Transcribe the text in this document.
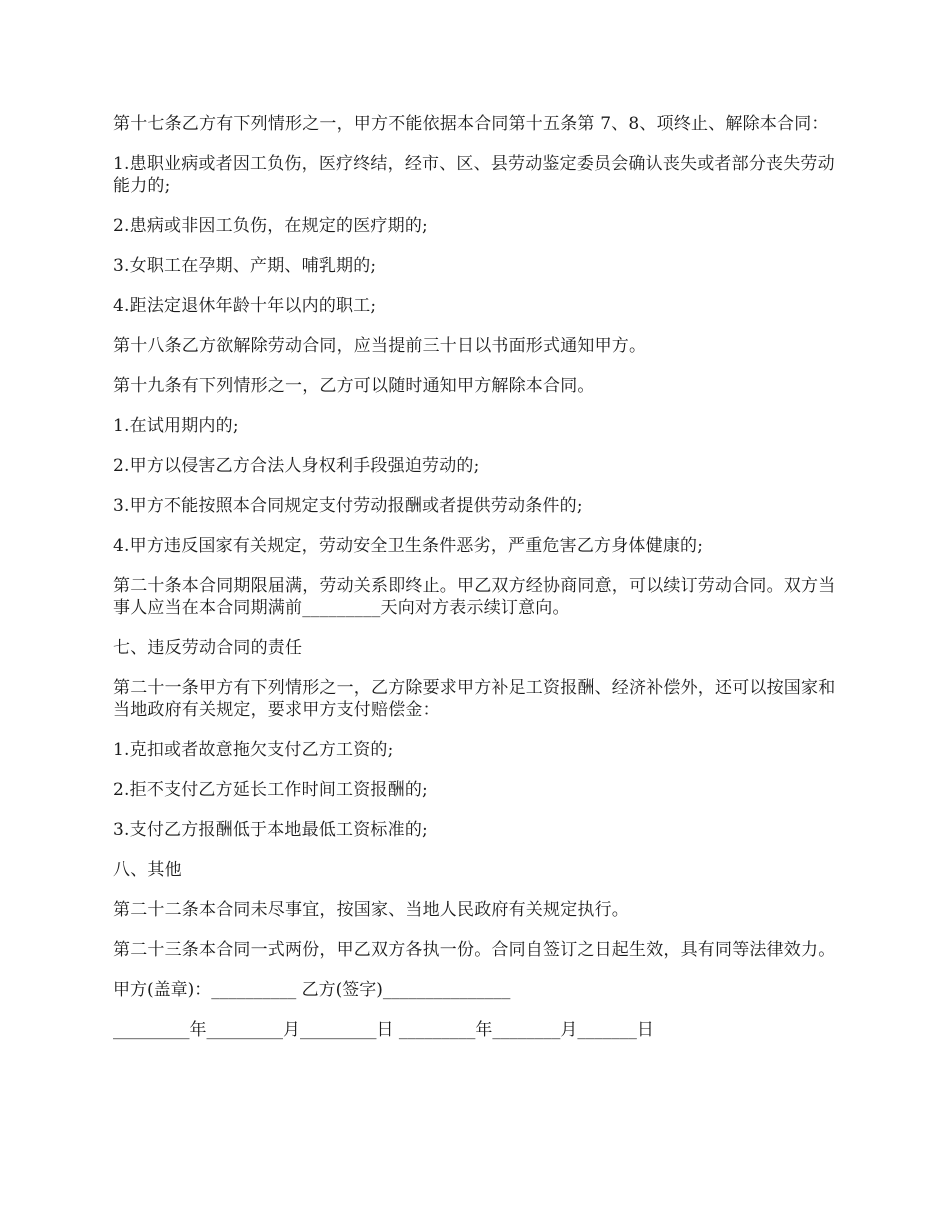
第十七条乙方有下列情形之一，甲方不能依据本合同第十五条第 7、8、项终止、解除本合同：

1.患职业病或者因工负伤，医疗终结，经市、区、县劳动鉴定委员会确认丧失或者部分丧失劳动能力的;

2.患病或非因工负伤，在规定的医疗期的;

3.女职工在孕期、产期、哺乳期的;

4.距法定退休年龄十年以内的职工;

第十八条乙方欲解除劳动合同，应当提前三十日以书面形式通知甲方。

第十九条有下列情形之一，乙方可以随时通知甲方解除本合同。

1.在试用期内的;

2.甲方以侵害乙方合法人身权利手段强迫劳动的;

3.甲方不能按照本合同规定支付劳动报酬或者提供劳动条件的;

4.甲方违反国家有关规定，劳动安全卫生条件恶劣，严重危害乙方身体健康的;

第二十条本合同期限届满，劳动关系即终止。甲乙双方经协商同意，可以续订劳动合同。双方当事人应当在本合同期满前_________天向对方表示续订意向。

七、违反劳动合同的责任

第二十一条甲方有下列情形之一，乙方除要求甲方补足工资报酬、经济补偿外，还可以按国家和当地政府有关规定，要求甲方支付赔偿金：

1.克扣或者故意拖欠支付乙方工资的;

2.拒不支付乙方延长工作时间工资报酬的;

3.支付乙方报酬低于本地最低工资标准的;

八、其他

第二十二条本合同未尽事宜，按国家、当地人民政府有关规定执行。

第二十三条本合同一式两份，甲乙双方各执一份。合同自签订之日起生效，具有同等法律效力。

甲方(盖章)：__________ 乙方(签字)_______________

_________年_________月_________日 _________年________月_______日
